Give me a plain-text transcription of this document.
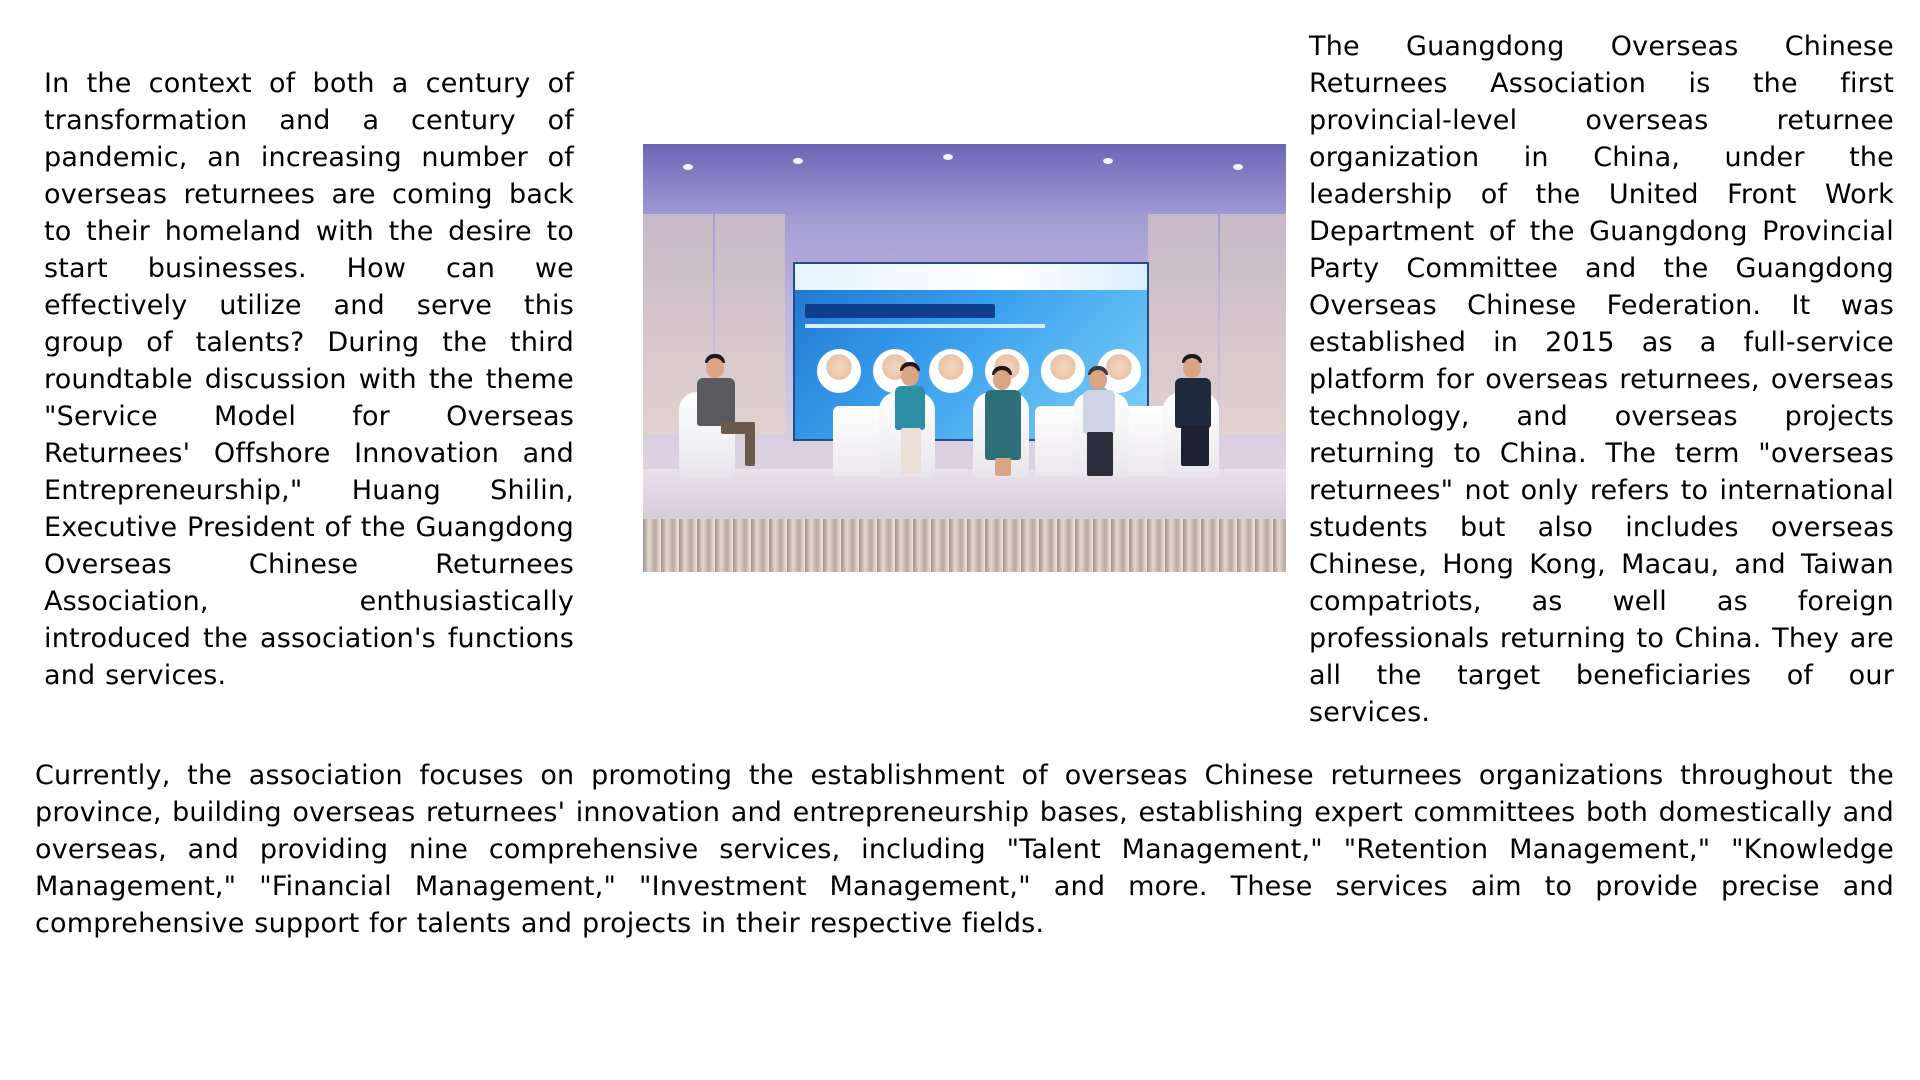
In the context of both a century of transformation and a century of pandemic, an increasing number of overseas returnees are coming back to their homeland with the desire to start businesses. How can we effectively utilize and serve this group of talents? During the third roundtable discussion with the theme "Service Model for Overseas Returnees' Offshore Innovation and Entrepreneurship," Huang Shilin, Executive President of the Guangdong Overseas Chinese Returnees Association, enthusiastically introduced the association's functions and services.

The Guangdong Overseas Chinese Returnees Association is the first provincial-level overseas returnee organization in China, under the leadership of the United Front Work Department of the Guangdong Provincial Party Committee and the Guangdong Overseas Chinese Federation. It was established in 2015 as a full-service platform for overseas returnees, overseas technology, and overseas projects returning to China. The term "overseas returnees" not only refers to international students but also includes overseas Chinese, Hong Kong, Macau, and Taiwan compatriots, as well as foreign professionals returning to China. They are all the target beneficiaries of our services.

Currently, the association focuses on promoting the establishment of overseas Chinese returnees organizations throughout the province, building overseas returnees' innovation and entrepreneurship bases, establishing expert committees both domestically and overseas, and providing nine comprehensive services, including "Talent Management," "Retention Management," "Knowledge Management," "Financial Management," "Investment Management," and more. These services aim to provide precise and comprehensive support for talents and projects in their respective fields.
